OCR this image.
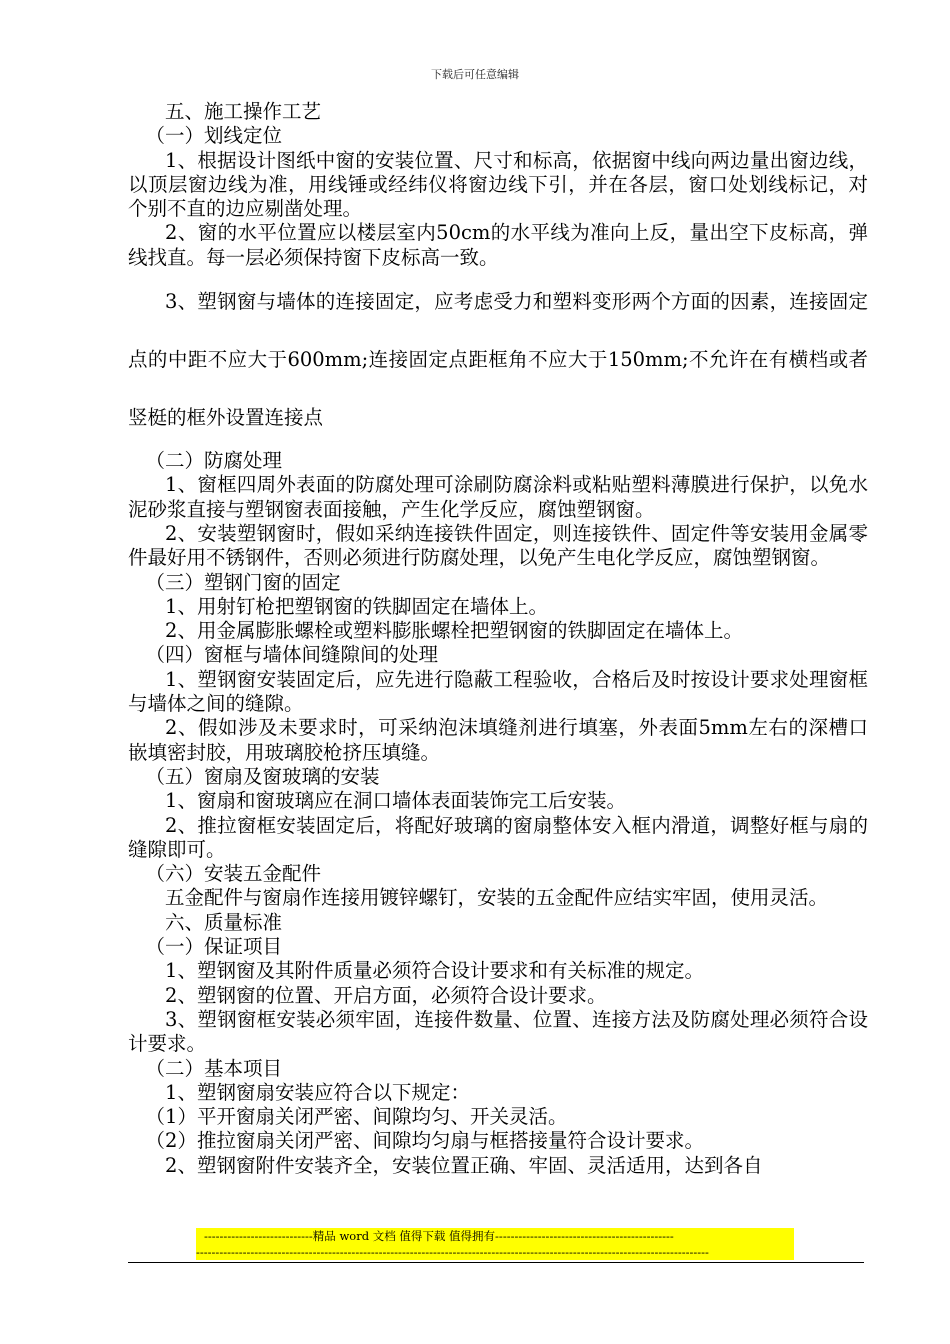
下载后可任意编辑

五、施工操作工艺

（一）划线定位

1、根据设计图纸中窗的安装位置、尺寸和标高，依据窗中线向两边量出窗边线，以顶层窗边线为准，用线锤或经纬仪将窗边线下引，并在各层，窗口处划线标记，对个别不直的边应剔凿处理。

2、窗的水平位置应以楼层室内50cm的水平线为准向上反，量出空下皮标高，弹线找直。每一层必须保持窗下皮标高一致。

3、塑钢窗与墙体的连接固定，应考虑受力和塑料变形两个方面的因素，连接固定点的中距不应大于600mm;连接固定点距框角不应大于150mm;不允许在有横档或者竖梃的框外设置连接点

（二）防腐处理

1、窗框四周外表面的防腐处理可涂刷防腐涂料或粘贴塑料薄膜进行保护，以免水泥砂浆直接与塑钢窗表面接触，产生化学反应，腐蚀塑钢窗。

2、安装塑钢窗时，假如采纳连接铁件固定，则连接铁件、固定件等安装用金属零件最好用不锈钢件，否则必须进行防腐处理，以免产生电化学反应，腐蚀塑钢窗。

（三）塑钢门窗的固定

1、用射钉枪把塑钢窗的铁脚固定在墙体上。

2、用金属膨胀螺栓或塑料膨胀螺栓把塑钢窗的铁脚固定在墙体上。

（四）窗框与墙体间缝隙间的处理

1、塑钢窗安装固定后，应先进行隐蔽工程验收，合格后及时按设计要求处理窗框与墙体之间的缝隙。

2、假如涉及未要求时，可采纳泡沫填缝剂进行填塞，外表面5mm左右的深槽口嵌填密封胶，用玻璃胶枪挤压填缝。

（五）窗扇及窗玻璃的安装

1、窗扇和窗玻璃应在洞口墙体表面装饰完工后安装。

2、推拉窗框安装固定后，将配好玻璃的窗扇整体安入框内滑道，调整好框与扇的缝隙即可。

（六）安装五金配件

五金配件与窗扇作连接用镀锌螺钉，安装的五金配件应结实牢固，使用灵活。

六、质量标准

（一）保证项目

1、塑钢窗及其附件质量必须符合设计要求和有关标准的规定。

2、塑钢窗的位置、开启方面，必须符合设计要求。

3、塑钢窗框安装必须牢固，连接件数量、位置、连接方法及防腐处理必须符合设计要求。

（二）基本项目

1、塑钢窗扇安装应符合以下规定：

（1）平开窗扇关闭严密、间隙均匀、开关灵活。

（2）推拉窗扇关闭严密、间隙均匀扇与框搭接量符合设计要求。

2、塑钢窗附件安装齐全，安装位置正确、牢固、灵活适用，达到各自

----------------------------精品 word 文档 值得下载 值得拥有----------------------------------------------
------------------------------------------------------------------------------------------------------------------------------------
